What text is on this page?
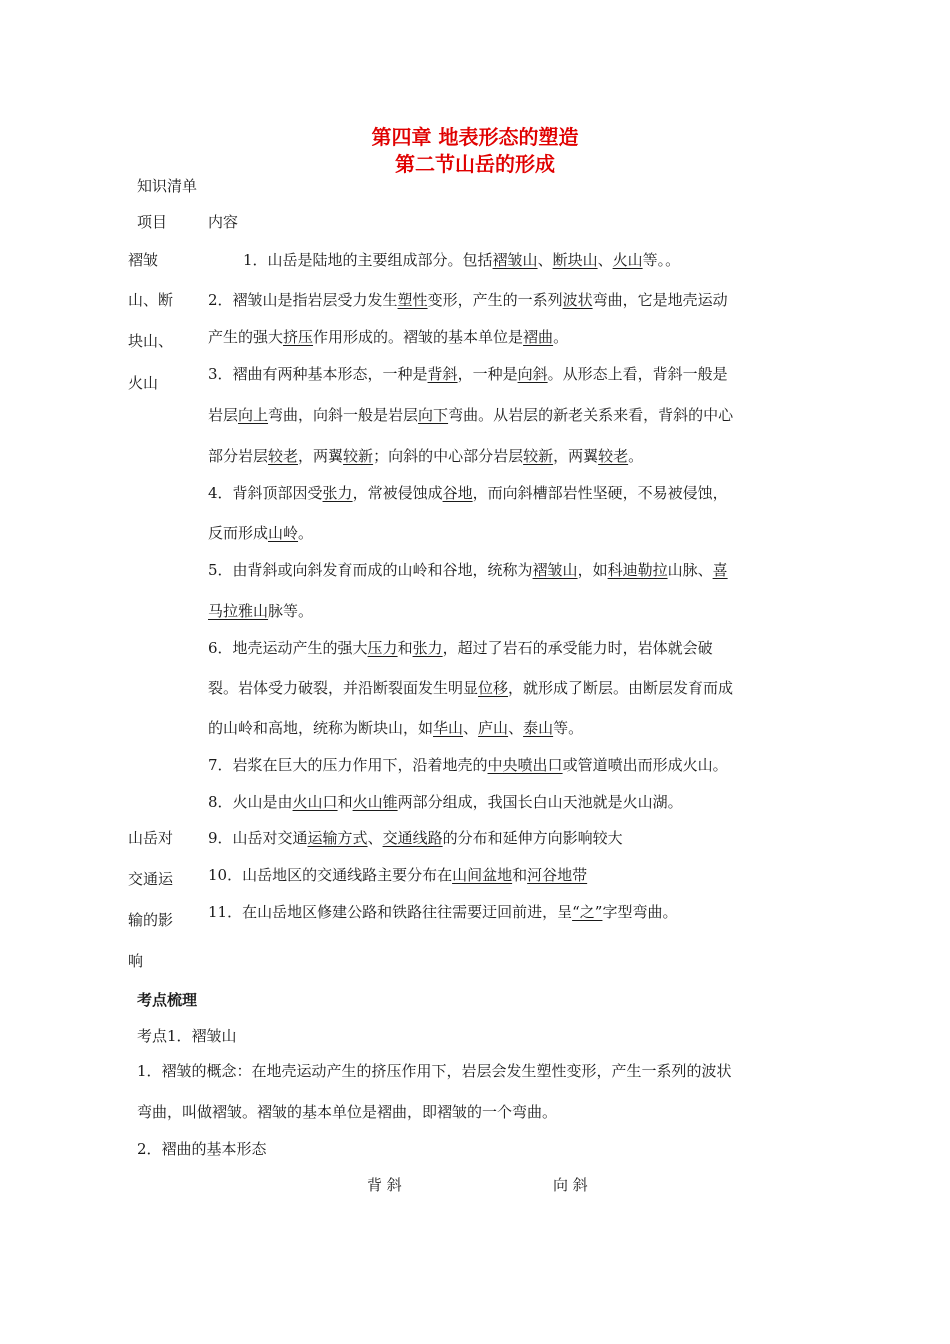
第四章 地表形态的塑造
第二节山岳的形成
知识清单
项目	内容
褶皱
山、断
块山、
火山
山岳对
交通运
输的影
响
1．山岳是陆地的主要组成部分。包括褶皱山、断块山、火山等。。
2．褶皱山是指岩层受力发生塑性变形，产生的一系列波状弯曲，它是地壳运动
产生的强大挤压作用形成的。褶皱的基本单位是褶曲。
3．褶曲有两种基本形态，一种是背斜，一种是向斜。从形态上看，背斜一般是
岩层向上弯曲，向斜一般是岩层向下弯曲。从岩层的新老关系来看，背斜的中心
部分岩层较老，两翼较新；向斜的中心部分岩层较新，两翼较老。
4．背斜顶部因受张力，常被侵蚀成谷地，而向斜槽部岩性坚硬，不易被侵蚀，
反而形成山岭。
5．由背斜或向斜发育而成的山岭和谷地，统称为褶皱山，如科迪勒拉山脉、喜
马拉雅山脉等。
6．地壳运动产生的强大压力和张力，超过了岩石的承受能力时，岩体就会破
裂。岩体受力破裂，并沿断裂面发生明显位移，就形成了断层。由断层发育而成
的山岭和高地，统称为断块山，如华山、庐山、泰山等。
7．岩浆在巨大的压力作用下，沿着地壳的中央喷出口或管道喷出而形成火山。
8．火山是由火山口和火山锥两部分组成，我国长白山天池就是火山湖。
9．山岳对交通运输方式、交通线路的分布和延伸方向影响较大
10．山岳地区的交通线路主要分布在山间盆地和河谷地带
11．在山岳地区修建公路和铁路往往需要迂回前进，呈“之”字型弯曲。
考点梳理
考点1．褶皱山
1．褶皱的概念：在地壳运动产生的挤压作用下，岩层会发生塑性变形，产生一系列的波状
弯曲，叫做褶皱。褶皱的基本单位是褶曲，即褶皱的一个弯曲。
2．褶曲的基本形态
背 斜	向 斜
